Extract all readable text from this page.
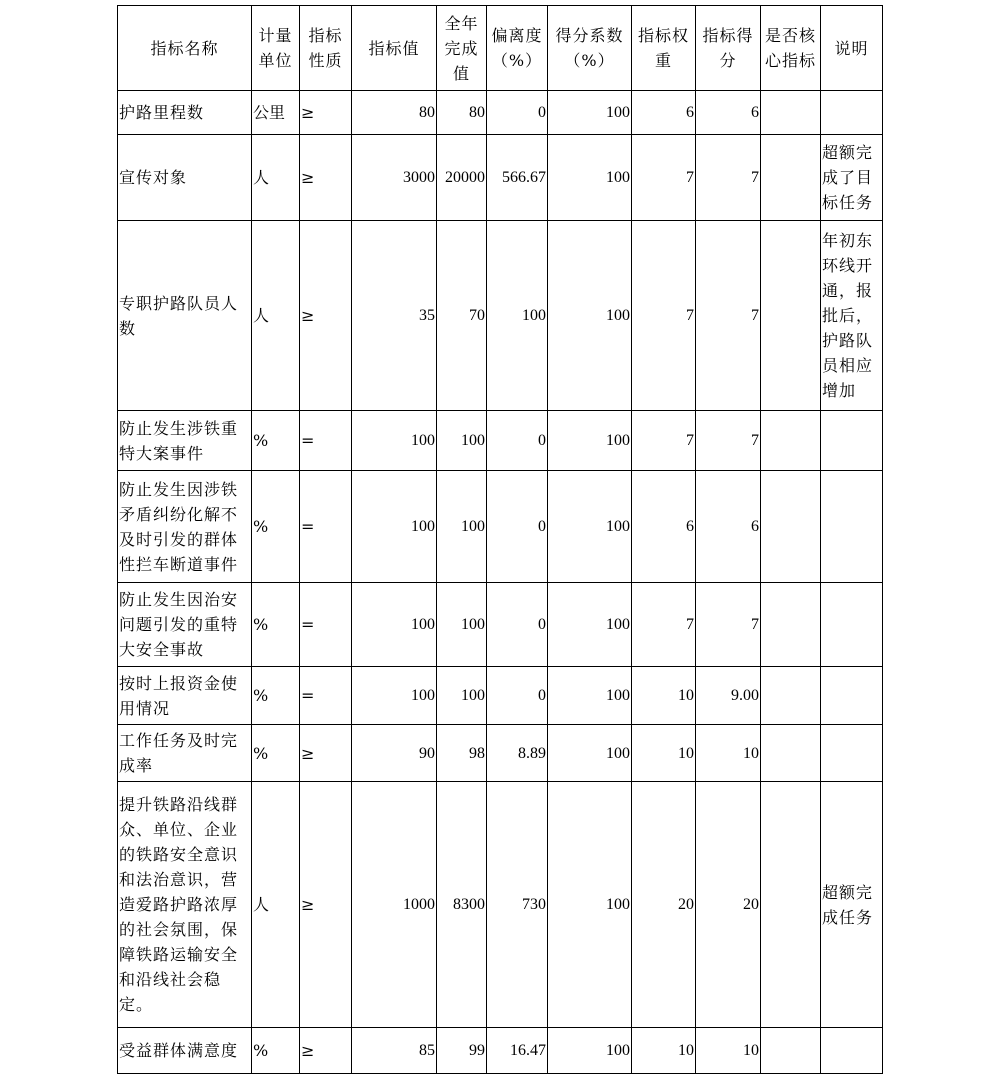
指标名称	计量单位	指标性质	指标值	全年完成值	偏离度（%）	得分系数（%）	指标权重	指标得分	是否核心指标	说明
护路里程数	公里	≥	80	80	0	100	6	6		
宣传对象	人	≥	3000	20000	566.67	100	7	7		超额完成了目标任务
专职护路队员人数	人	≥	35	70	100	100	7	7		年初东环线开通，报批后，护路队员相应增加
防止发生涉铁重特大案事件	%	=	100	100	0	100	7	7		
防止发生因涉铁矛盾纠纷化解不及时引发的群体性拦车断道事件	%	=	100	100	0	100	6	6		
防止发生因治安问题引发的重特大安全事故	%	=	100	100	0	100	7	7		
按时上报资金使用情况	%	=	100	100	0	100	10	9.00		
工作任务及时完成率	%	≥	90	98	8.89	100	10	10		
提升铁路沿线群众、单位、企业的铁路安全意识和法治意识，营造爱路护路浓厚的社会氛围，保障铁路运输安全和沿线社会稳定。	人	≥	1000	8300	730	100	20	20		超额完成任务
受益群体满意度	%	≥	85	99	16.47	100	10	10		
